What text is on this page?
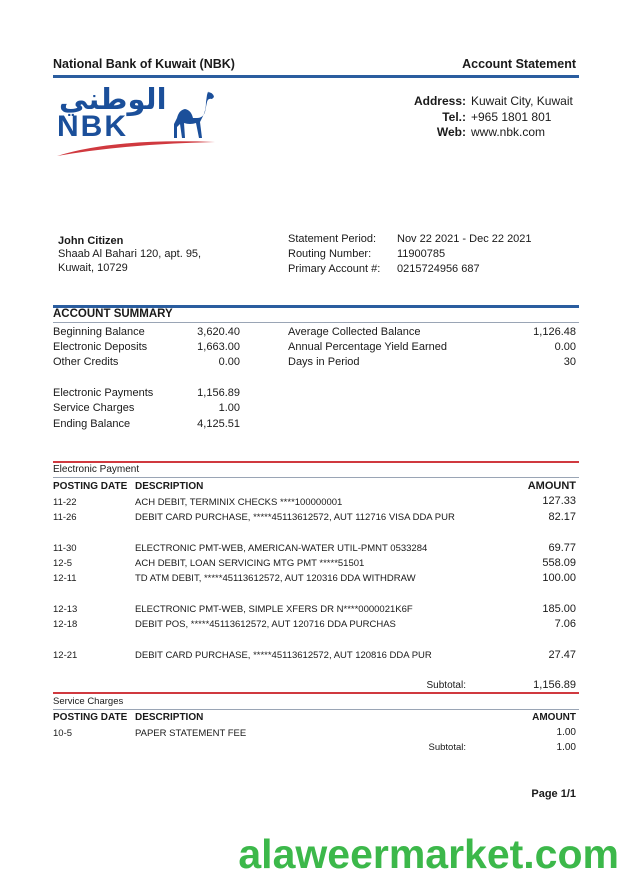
National Bank of Kuwait (NBK)	Account Statement
الوطني
NBK
Address: Kuwait City, Kuwait
Tel.: +965 1801 801
Web: www.nbk.com
John Citizen
Shaab Al Bahari 120, apt. 95,
Kuwait, 10729
Statement Period: Nov 22 2021 - Dec 22 2021
Routing Number: 11900785
Primary Account #: 0215724956 687
ACCOUNT SUMMARY
Beginning Balance	3,620.40
Electronic Deposits	1,663.00
Other Credits	0.00
Electronic Payments	1,156.89
Service Charges	1.00
Ending Balance	4,125.51
Average Collected Balance	1,126.48
Annual Percentage Yield Earned	0.00
Days in Period	30
Electronic Payment
POSTING DATE DESCRIPTION	AMOUNT
11-22	ACH DEBIT, TERMINIX CHECKS ****100000001	127.33
11-26	DEBIT CARD PURCHASE, *****45113612572, AUT 112716 VISA DDA PUR	82.17
11-30	ELECTRONIC PMT-WEB, AMERICAN-WATER UTIL-PMNT 0533284	69.77
12-5	ACH DEBIT, LOAN SERVICING MTG PMT *****51501	558.09
12-11	TD ATM DEBIT, *****45113612572, AUT 120316 DDA WITHDRAW	100.00
12-13	ELECTRONIC PMT-WEB, SIMPLE XFERS DR N****0000021K6F	185.00
12-18	DEBIT POS, *****45113612572, AUT 120716 DDA PURCHAS	7.06
12-21	DEBIT CARD PURCHASE, *****45113612572, AUT 120816 DDA PUR	27.47
Subtotal:	1,156.89
Service Charges
POSTING DATE DESCRIPTION	AMOUNT
10-5	PAPER STATEMENT FEE	1.00
Subtotal:	1.00
Page 1/1
alaweermarket.com
